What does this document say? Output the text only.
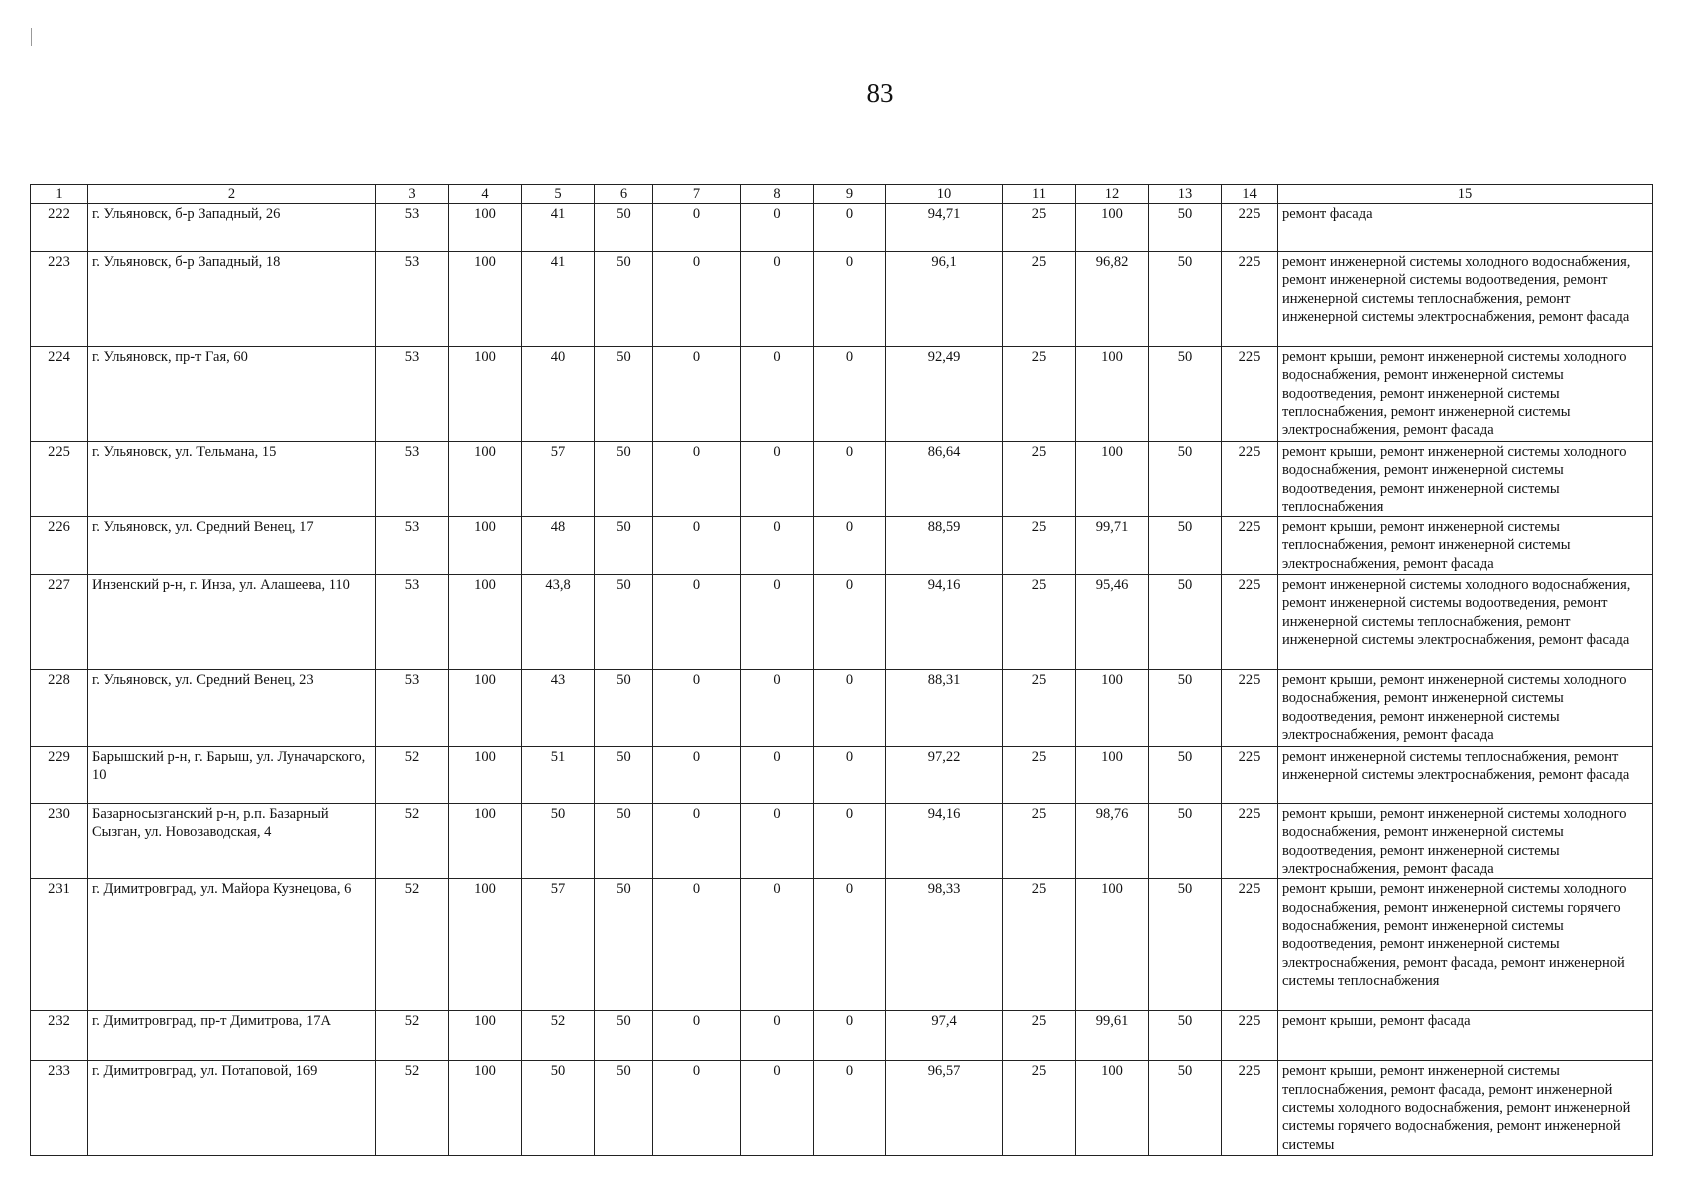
83
1	2	3	4	5	6	7	8	9	10	11	12	13	14	15
222	г. Ульяновск, б-р Западный, 26	53	100	41	50	0	0	0	94,71	25	100	50	225	ремонт фасада
223	г. Ульяновск, б-р Западный, 18	53	100	41	50	0	0	0	96,1	25	96,82	50	225	ремонт инженерной системы холодного водоснабжения, ремонт инженерной системы водоотведения, ремонт инженерной системы теплоснабжения, ремонт инженерной системы электроснабжения, ремонт фасада
224	г. Ульяновск, пр-т Гая, 60	53	100	40	50	0	0	0	92,49	25	100	50	225	ремонт крыши, ремонт инженерной системы холодного водоснабжения, ремонт инженерной системы водоотведения, ремонт инженерной системы теплоснабжения, ремонт инженерной системы электроснабжения, ремонт фасада
225	г. Ульяновск, ул. Тельмана, 15	53	100	57	50	0	0	0	86,64	25	100	50	225	ремонт крыши, ремонт инженерной системы холодного водоснабжения, ремонт инженерной системы водоотведения, ремонт инженерной системы теплоснабжения
226	г. Ульяновск, ул. Средний Венец, 17	53	100	48	50	0	0	0	88,59	25	99,71	50	225	ремонт крыши, ремонт инженерной системы теплоснабжения, ремонт инженерной системы электроснабжения, ремонт фасада
227	Инзенский р-н, г. Инза, ул. Алашеева, 110	53	100	43,8	50	0	0	0	94,16	25	95,46	50	225	ремонт инженерной системы холодного водоснабжения, ремонт инженерной системы водоотведения, ремонт инженерной системы теплоснабжения, ремонт инженерной системы электроснабжения, ремонт фасада
228	г. Ульяновск, ул. Средний Венец, 23	53	100	43	50	0	0	0	88,31	25	100	50	225	ремонт крыши, ремонт инженерной системы холодного водоснабжения, ремонт инженерной системы водоотведения, ремонт инженерной системы электроснабжения, ремонт фасада
229	Барышский р-н, г. Барыш, ул. Луначарского, 10	52	100	51	50	0	0	0	97,22	25	100	50	225	ремонт инженерной системы теплоснабжения, ремонт инженерной системы электроснабжения, ремонт фасада
230	Базарносызганский р-н, р.п. Базарный Сызган, ул. Новозаводская, 4	52	100	50	50	0	0	0	94,16	25	98,76	50	225	ремонт крыши, ремонт инженерной системы холодного водоснабжения, ремонт инженерной системы водоотведения, ремонт инженерной системы электроснабжения, ремонт фасада
231	г. Димитровград, ул. Майора Кузнецова, 6	52	100	57	50	0	0	0	98,33	25	100	50	225	ремонт крыши, ремонт инженерной системы холодного водоснабжения, ремонт инженерной системы горячего водоснабжения, ремонт инженерной системы водоотведения, ремонт инженерной системы электроснабжения, ремонт фасада, ремонт инженерной системы теплоснабжения
232	г. Димитровград, пр-т Димитрова, 17А	52	100	52	50	0	0	0	97,4	25	99,61	50	225	ремонт крыши, ремонт фасада
233	г. Димитровград, ул. Потаповой, 169	52	100	50	50	0	0	0	96,57	25	100	50	225	ремонт крыши, ремонт инженерной системы теплоснабжения, ремонт фасада, ремонт инженерной системы холодного водоснабжения, ремонт инженерной системы горячего водоснабжения, ремонт инженерной системы
